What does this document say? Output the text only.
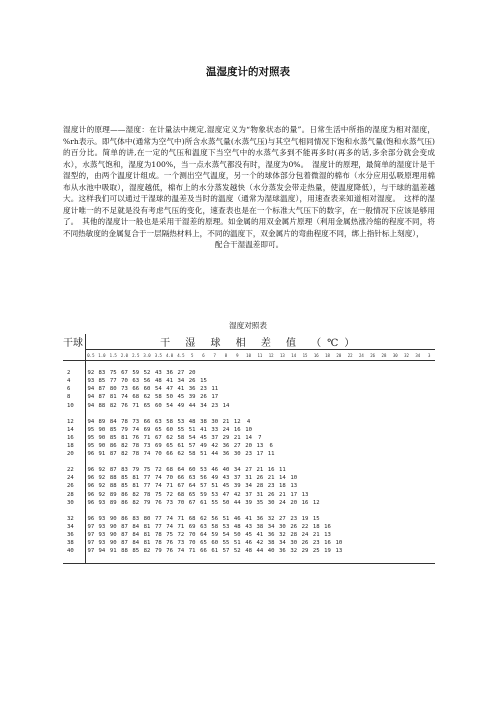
温湿度计的对照表

湿度计的原理——湿度：在计量法中规定,湿度定义为“物象状态的量”。日常生活中所指的湿度为相对湿度，%rh表示。即气体中(通常为空气中)所含水蒸气量(水蒸气压)与其空气相同情况下饱和水蒸气量(饱和水蒸气压)的百分比。简单的讲,在一定的气压和温度下当空气中的水蒸气多到不能再多时(再多的话,多余部分就会变成水），水蒸气饱和，湿度为100%，当一点水蒸气都没有时，湿度为0%。　湿度计的原理，最简单的湿度计是干湿型的，由两个温度计组成。一个测出空气温度，另一个的球体部分包着微湿的棉布（水分应用弘吸原理用棉布从水池中吸取），湿度越低，棉布上的水分蒸发越快（水分蒸发会带走热量，使温度降低），与干球的温差越大。这样我们可以通过干湿球的温差及当时的温度（通常为湿球温度），用速查表来知道相对湿度。　这样的湿度计唯一的不足就是没有考虑气压的变化，速查表也是在一个标准大气压下的数字，在一般情况下应该是够用了。　其他的湿度计一般也是采用干湿差的原理。如金属的用双金属片原理（利用金属热涨冷缩的程度不同，将不同热敏度的金属复合于一层隔热材料上，不同的温度下，双金属片的弯曲程度不同，绑上指针标上刻度），

配合干湿温差即可。

湿度对照表
干球	干 湿 球 相 差 值 （℃）																														
	0.5	1.0	1.5	2.0	2.5	3.0	3.5	4.0	4.5	5	6	7	8	9	10	11	12	13	14	15	16	18	20	22	24	26	28	30	32	34	3

2	92	83	75	67	59	52	43	36	27	20																					
4	93	85	77	70	63	56	48	41	34	26	15																				
6	94	87	80	73	66	60	54	47	41	36	23	11																			
8	94	87	81	74	68	62	58	50	45	39	26	17																			
10	94	88	82	76	71	65	60	54	49	44	34	23	14																		

12	94	89	84	78	73	66	63	58	53	48	38	30	21	12	4																
14	95	90	85	79	74	69	65	60	55	51	41	33	24	16	10																
16	95	90	85	81	76	71	67	62	58	54	45	37	29	21	14	7															
18	95	90	86	82	78	73	69	65	61	57	49	42	36	27	20	13	6														
20	96	91	87	82	78	74	70	66	62	58	51	44	36	30	23	17	11														

22	96	92	87	83	79	75	72	68	64	60	53	46	40	34	27	21	16	11													
24	96	92	88	85	81	77	74	70	66	63	56	49	43	37	31	26	21	14	10												
26	96	92	88	85	81	77	74	71	67	64	57	51	45	39	34	28	23	18	13												
28	96	92	89	86	82	78	75	72	68	65	59	53	47	42	37	31	26	21	17	13											
30	96	93	89	86	82	79	76	73	70	67	61	55	50	44	39	35	30	24	20	16	12										

32	96	93	90	86	83	80	77	74	71	68	62	56	51	46	41	36	32	27	23	19	15										
34	97	93	90	87	84	81	77	74	71	69	63	58	53	48	43	38	34	30	26	22	18	16									
36	97	93	90	87	84	81	78	75	72	70	64	59	54	50	45	41	36	32	28	24	21	13									
38	97	93	90	87	84	81	78	76	73	70	65	60	55	51	46	42	38	34	30	26	23	16	10								
40	97	94	91	88	85	82	79	76	74	71	66	61	57	52	48	44	40	36	32	29	25	19	13								
